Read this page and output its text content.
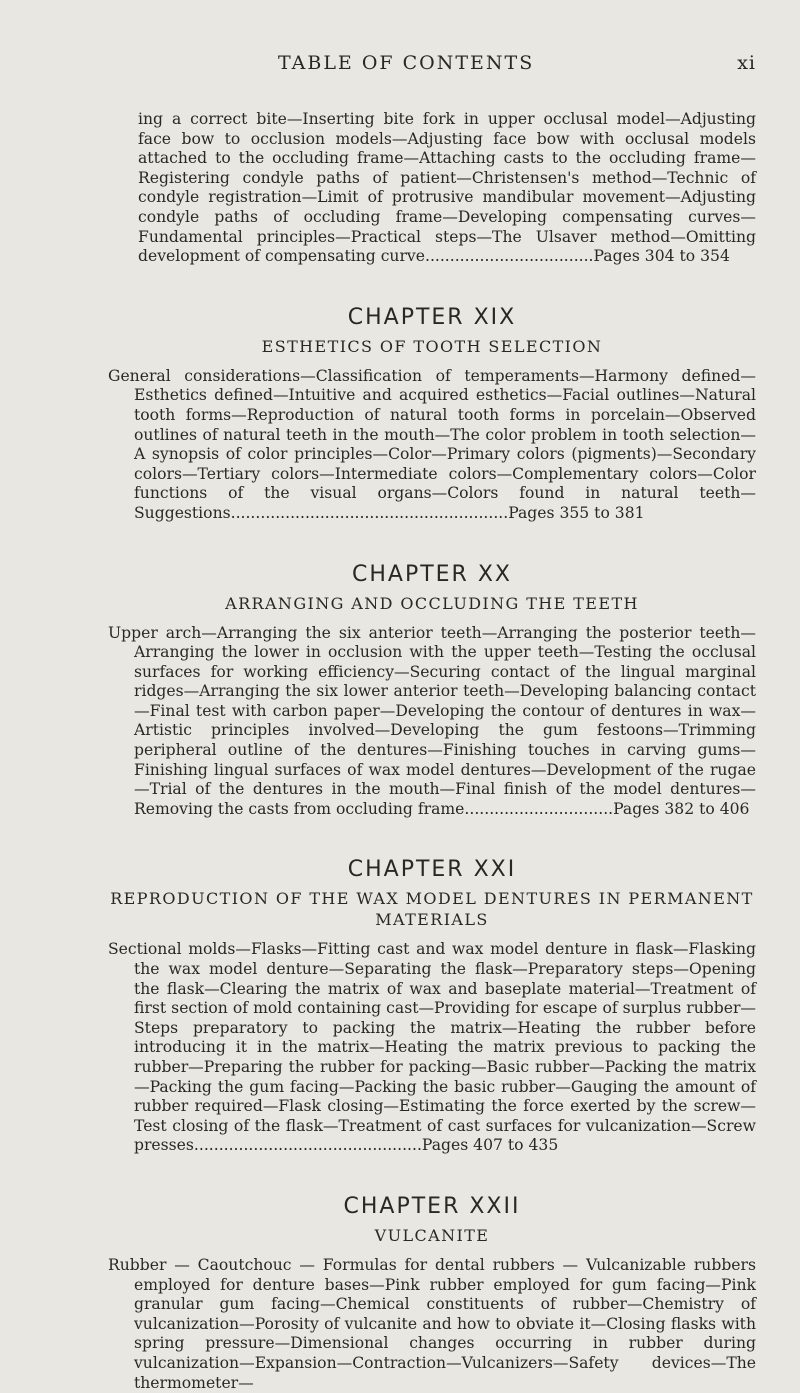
TABLE OF CONTENTS	xi

ing a correct bite—Inserting bite fork in upper occlusal model—Adjusting face bow to occlusion models—Adjusting face bow with occlusal models attached to the occluding frame—Attaching casts to the occluding frame—Registering condyle paths of patient—Christensen's method—Technic of condyle registration—Limit of protrusive mandibular movement—Adjusting condyle paths of occluding frame—Developing compensating curves—Fundamental principles—Practical steps—The Ulsaver method—Omitting development of compensating curve..................................Pages 304 to 354

CHAPTER XIX
ESTHETICS OF TOOTH SELECTION

General considerations—Classification of temperaments—Harmony defined—Esthetics defined—Intuitive and acquired esthetics—Facial outlines—Natural tooth forms—Reproduction of natural tooth forms in porcelain—Observed outlines of natural teeth in the mouth—The color problem in tooth selection—A synopsis of color principles—Color—Primary colors (pigments)—Secondary colors—Tertiary colors—Intermediate colors—Complementary colors—Color functions of the visual organs—Colors found in natural teeth—Suggestions........................................................Pages 355 to 381

CHAPTER XX
ARRANGING AND OCCLUDING THE TEETH

Upper arch—Arranging the six anterior teeth—Arranging the posterior teeth—Arranging the lower in occlusion with the upper teeth—Testing the occlusal surfaces for working efficiency—Securing contact of the lingual marginal ridges—Arranging the six lower anterior teeth—Developing balancing contact—Final test with carbon paper—Developing the contour of dentures in wax—Artistic principles involved—Developing the gum festoons—Trimming peripheral outline of the dentures—Finishing touches in carving gums—Finishing lingual surfaces of wax model dentures—Development of the rugae—Trial of the dentures in the mouth—Final finish of the model dentures—Removing the casts from occluding frame..............................Pages 382 to 406

CHAPTER XXI
REPRODUCTION OF THE WAX MODEL DENTURES IN PERMANENT MATERIALS

Sectional molds—Flasks—Fitting cast and wax model denture in flask—Flasking the wax model denture—Separating the flask—Preparatory steps—Opening the flask—Clearing the matrix of wax and baseplate material—Treatment of first section of mold containing cast—Providing for escape of surplus rubber—Steps preparatory to packing the matrix—Heating the rubber before introducing it in the matrix—Heating the matrix previous to packing the rubber—Preparing the rubber for packing—Basic rubber—Packing the matrix—Packing the gum facing—Packing the basic rubber—Gauging the amount of rubber required—Flask closing—Estimating the force exerted by the screw—Test closing of the flask—Treatment of cast surfaces for vulcanization—Screw presses..............................................Pages 407 to 435

CHAPTER XXII
VULCANITE

Rubber — Caoutchouc — Formulas for dental rubbers — Vulcanizable rubbers employed for denture bases—Pink rubber employed for gum facing—Pink granular gum facing—Chemical constituents of rubber—Chemistry of vulcanization—Porosity of vulcanite and how to obviate it—Closing flasks with spring pressure—Dimensional changes occurring in rubber during vulcanization—Expansion—Contraction—Vulcanizers—Safety devices—The thermometer—
